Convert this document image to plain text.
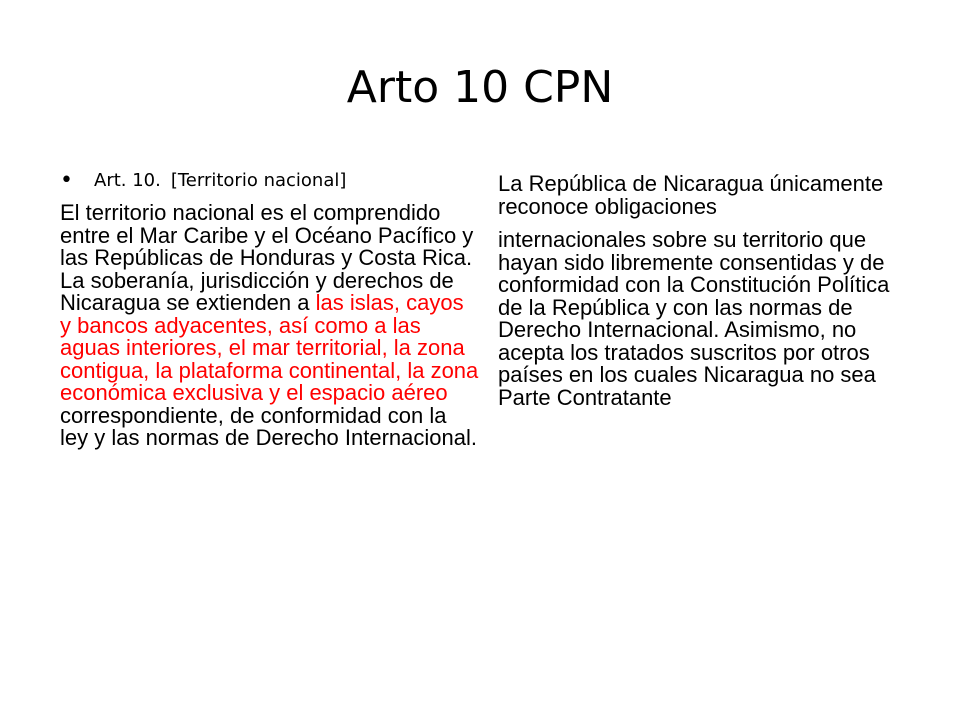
Arto 10 CPN
•	Art. 10. [Territorio nacional]

El territorio nacional es el comprendido entre el Mar Caribe y el Océano Pacífico y las Repúblicas de Honduras y Costa Rica. La soberanía, jurisdicción y derechos de Nicaragua se extienden a las islas, cayos y bancos adyacentes, así como a las aguas interiores, el mar territorial, la zona contigua, la plataforma continental, la zona económica exclusiva y el espacio aéreo correspondiente, de conformidad con la ley y las normas de Derecho Internacional.

La República de Nicaragua únicamente reconoce obligaciones

internacionales sobre su territorio que hayan sido libremente consentidas y de conformidad con la Constitución Política de la República y con las normas de Derecho Internacional. Asimismo, no acepta los tratados suscritos por otros países en los cuales Nicaragua no sea Parte Contratante
